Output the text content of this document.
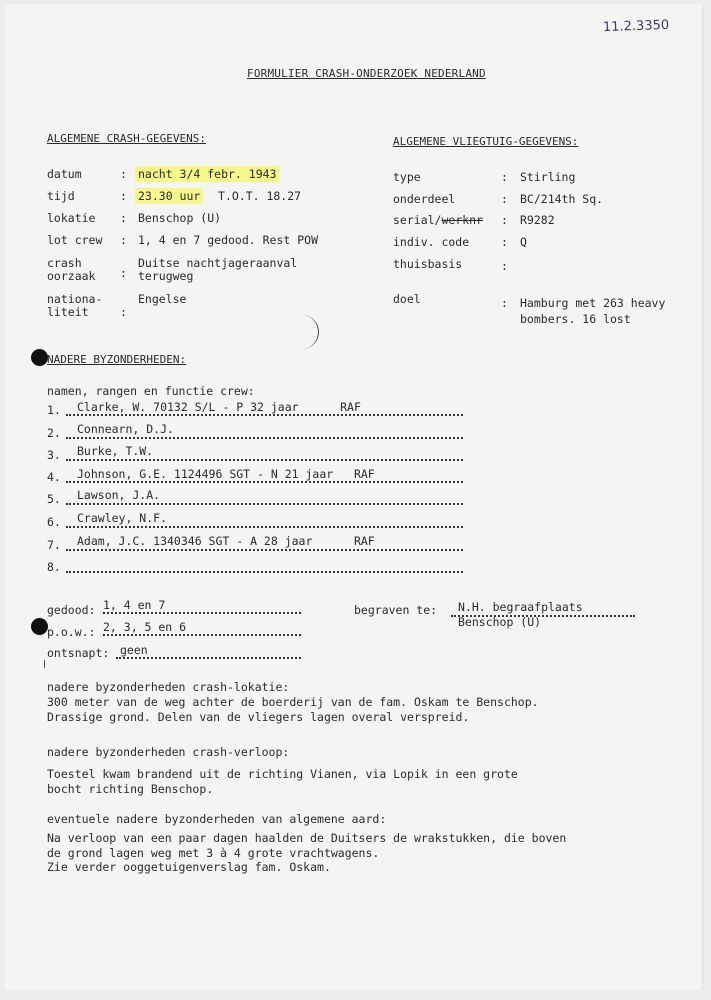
11.2.3350
FORMULIER CRASH-ONDERZOEK NEDERLAND
ALGEMENE CRASH-GEGEVENS:	ALGEMENE VLIEGTUIG-GEGEVENS:
datum	: nacht 3/4 febr. 1943
tijd	: 23.30 uur T.O.T. 18.27
lokatie : Benschop (U)
lot crew : 1, 4 en 7 gedood. Rest POW
crash
oorzaak :
Duitse nachtjageraanval
terugweg
nationa-
liteit	:
Engelse
type	: Stirling
onderdeel	: BC/214th Sq.
serial/werknr : R9282
indiv. code	: Q
thuisbasis	:
doel	: Hamburg met 263 heavy
bombers. 16 lost
NADERE BYZONDERHEDEN:
namen, rangen en functie crew:
1. Clarke, W. 70132 S/L - P 32 jaar      RAF
2. Connearn, D.J.
3. Burke, T.W.
4. Johnson, G.E. 1124496 SGT - N 21 jaar   RAF
5. Lawson, J.A.
6. Crawley, N.F.
7. Adam, J.C. 1340346 SGT - A 28 jaar      RAF
8.
gedood: 1, 4 en 7	begraven te: N.H. begraafplaats
Benschop (U)
p.o.w.: 2, 3, 5 en 6
ontsnapt: geen
nadere byzonderheden crash-lokatie:
300 meter van de weg achter de boerderij van de fam. Oskam te Benschop.
Drassige grond. Delen van de vliegers lagen overal verspreid.
nadere byzonderheden crash-verloop:
Toestel kwam brandend uit de richting Vianen, via Lopik in een grote
bocht richting Benschop.
eventuele nadere byzonderheden van algemene aard:
Na verloop van een paar dagen haalden de Duitsers de wrakstukken, die boven
de grond lagen weg met 3 à 4 grote vrachtwagens.
Zie verder ooggetuigenverslag fam. Oskam.
